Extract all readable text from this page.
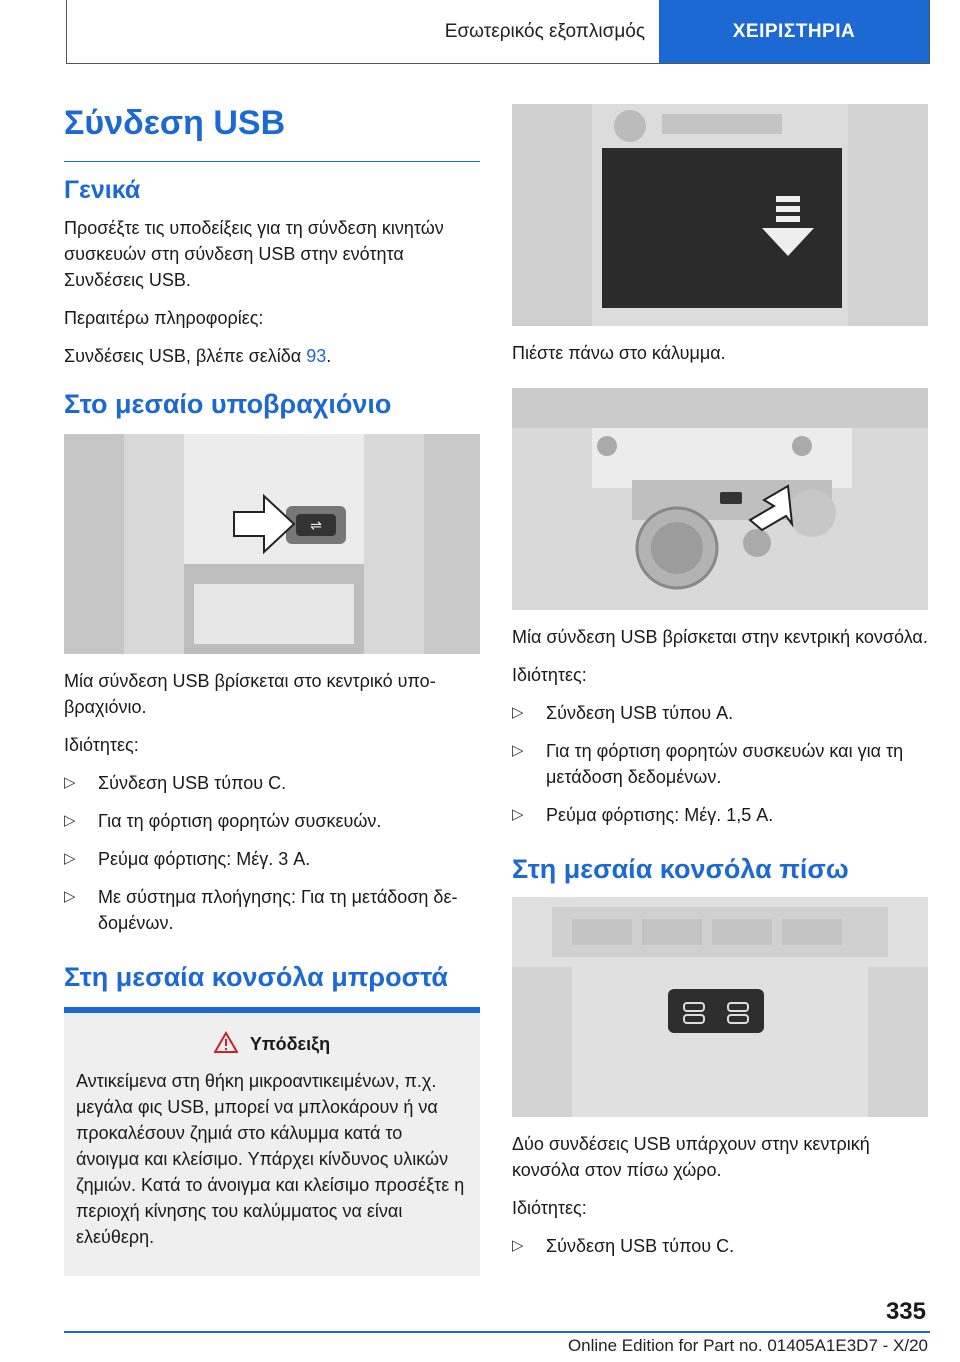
Εσωτερικός εξοπλισμός	ΧΕΙΡΙΣΤΗΡΙΑ
Σύνδεση USB
Γενικά

Προσέξτε τις υποδείξεις για τη σύνδεση κινητών συσκευών στη σύνδεση USB στην ενότητα Συνδέσεις USB.

Περαιτέρω πληροφορίες:

Συνδέσεις USB, βλέπε σελίδα 93.

Στο μεσαίο υποβραχιόνιο
⇌

Μία σύνδεση USB βρίσκεται στο κεντρικό υποβραχιόνιο.

Ιδιότητες:

▷ Σύνδεση USB τύπου C.
▷ Για τη φόρτιση φορητών συσκευών.
▷ Ρεύμα φόρτισης: Μέγ. 3 A.
▷ Με σύστημα πλοήγησης: Για τη μετάδοση δεδομένων.
Στη μεσαία κονσόλα μπροστά
Υπόδειξη

Αντικείμενα στη θήκη μικροαντικειμένων, π.χ. μεγάλα φις USB, μπορεί να μπλοκάρουν ή να προκαλέσουν ζημιά στο κάλυμμα κατά το άνοιγμα και κλείσιμο. Υπάρχει κίνδυνος υλικών ζημιών. Κατά το άνοιγμα και κλείσιμο προσέξτε η περιοχή κίνησης του καλύμματος να είναι ελεύθερη.

Πιέστε πάνω στο κάλυμμα.

Μία σύνδεση USB βρίσκεται στην κεντρική κονσόλα.

Ιδιότητες:

▷ Σύνδεση USB τύπου A.
▷ Για τη φόρτιση φορητών συσκευών και για τη μετάδοση δεδομένων.
▷ Ρεύμα φόρτισης: Μέγ. 1,5 A.
Στη μεσαία κονσόλα πίσω

Δύο συνδέσεις USB υπάρχουν στην κεντρική κονσόλα στον πίσω χώρο.

Ιδιότητες:

▷ Σύνδεση USB τύπου C.
335
Online Edition for Part no. 01405A1E3D7 - X/20
